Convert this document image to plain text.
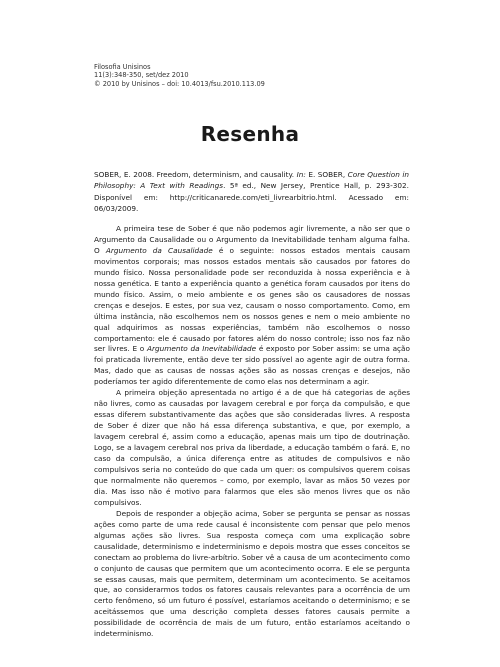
Filosofia Unisinos
11(3):348-350, set/dez 2010
© 2010 by Unisinos – doi: 10.4013/fsu.2010.113.09
Resenha
SOBER, E. 2008. Freedom, determinism, and causality. In: E. SOBER, Core Question in Philosophy: A Text with Readings. 5ª ed., New Jersey, Prentice Hall, p. 293-302. Disponível em: http://criticanarede.com/eti_livrearbitrio.html. Acessado em: 06/03/2009.

A primeira tese de Sober é que não podemos agir livremente, a não ser que o Argumento da Causalidade ou o Argumento da Inevitabilidade tenham alguma falha. O Argumento da Causalidade é o seguinte: nossos estados mentais causam movimentos corporais; mas nossos estados mentais são causados por fatores do mundo físico. Nossa personalidade pode ser reconduzida à nossa experiência e à nossa genética. E tanto a experiência quanto a genética foram causados por itens do mundo físico. Assim, o meio ambiente e os genes são os causadores de nossas crenças e desejos. E estes, por sua vez, causam o nosso comportamento. Como, em última instância, não escolhemos nem os nossos genes e nem o meio ambiente no qual adquirimos as nossas experiências, também não escolhemos o nosso comportamento: ele é causado por fatores além do nosso controle; isso nos faz não ser livres. E o Argumento da Inevitabilidade é exposto por Sober assim: se uma ação foi praticada livremente, então deve ter sido possível ao agente agir de outra forma. Mas, dado que as causas de nossas ações são as nossas crenças e desejos, não poderíamos ter agido diferentemente de como elas nos determinam a agir.

A primeira objeção apresentada no artigo é a de que há categorias de ações não livres, como as causadas por lavagem cerebral e por força da compulsão, e que essas diferem substantivamente das ações que são consideradas livres. A resposta de Sober é dizer que não há essa diferença substantiva, e que, por exemplo, a lavagem cerebral é, assim como a educação, apenas mais um tipo de doutrinação. Logo, se a lavagem cerebral nos priva da liberdade, a educação também o fará. E, no caso da compulsão, a única diferença entre as atitudes de compulsivos e não compulsivos seria no conteúdo do que cada um quer: os compulsivos querem coisas que normalmente não queremos – como, por exemplo, lavar as mãos 50 vezes por dia. Mas isso não é motivo para falarmos que eles são menos livres que os não compulsivos.

Depois de responder a objeção acima, Sober se pergunta se pensar as nossas ações como parte de uma rede causal é inconsistente com pensar que pelo menos algumas ações são livres. Sua resposta começa com uma explicação sobre causalidade, determinismo e indeterminismo e depois mostra que esses conceitos se conectam ao problema do livre-arbítrio. Sober vê a causa de um acontecimento como o conjunto de causas que permitem que um acontecimento ocorra. E ele se pergunta se essas causas, mais que permitem, determinam um acontecimento. Se aceitamos que, ao considerarmos todos os fatores causais relevantes para a ocorrência de um certo fenômeno, só um futuro é possível, estaríamos aceitando o determinismo; e se aceitássemos que uma descrição completa desses fatores causais permite a possibilidade de ocorrência de mais de um futuro, então estaríamos aceitando o indeterminismo.
